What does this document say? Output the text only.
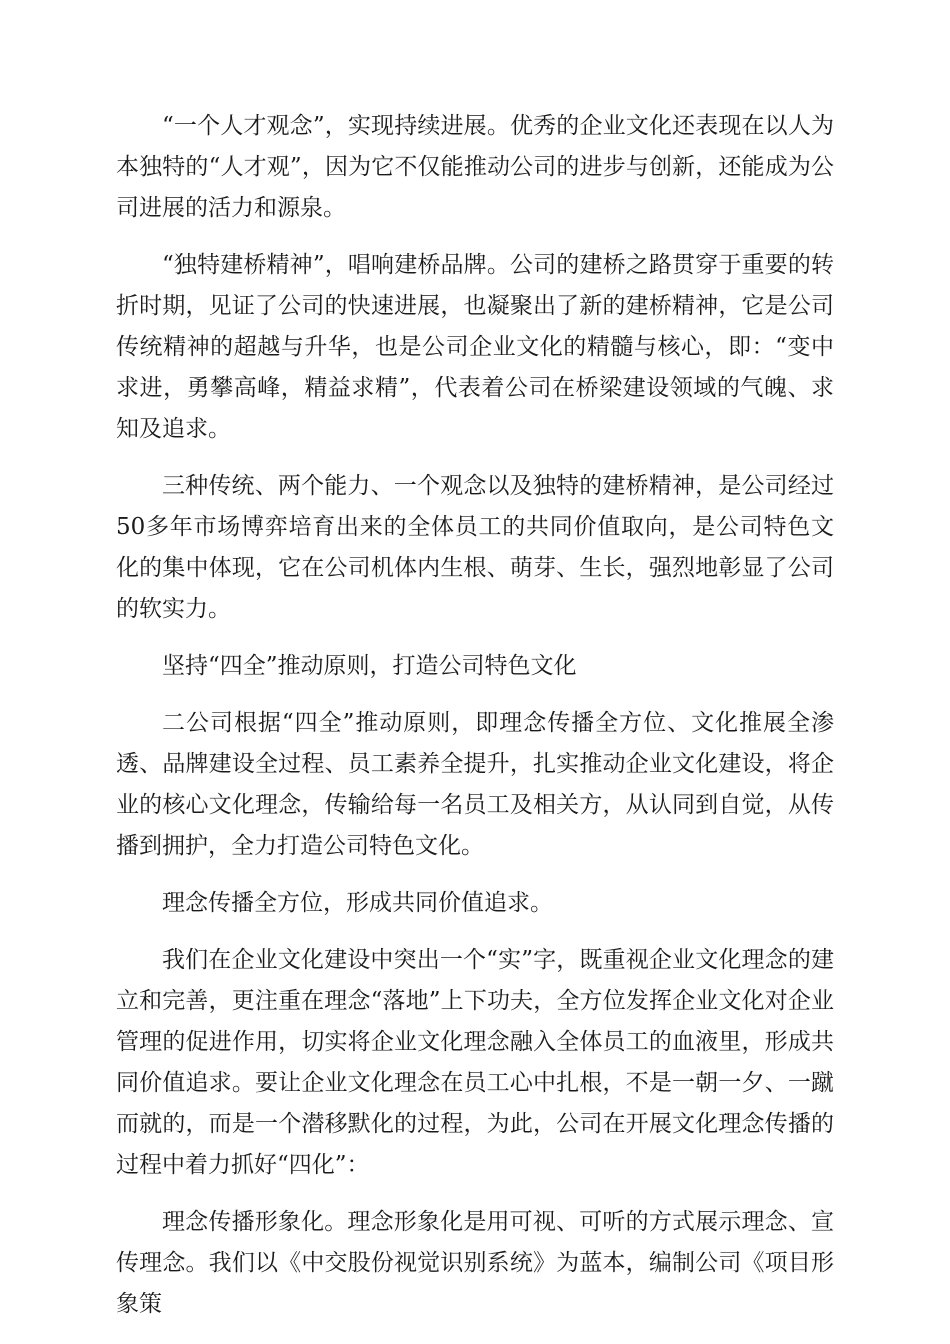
“一个人才观念”，实现持续进展。优秀的企业文化还表现在以人为本独特的“人才观”，因为它不仅能推动公司的进步与创新，还能成为公司进展的活力和源泉。

“独特建桥精神”，唱响建桥品牌。公司的建桥之路贯穿于重要的转折时期，见证了公司的快速进展，也凝聚出了新的建桥精神，它是公司传统精神的超越与升华，也是公司企业文化的精髓与核心，即：“变中求进，勇攀高峰，精益求精”，代表着公司在桥梁建设领域的气魄、求知及追求。

三种传统、两个能力、一个观念以及独特的建桥精神，是公司经过50多年市场博弈培育出来的全体员工的共同价值取向，是公司特色文化的集中体现，它在公司机体内生根、萌芽、生长，强烈地彰显了公司的软实力。

坚持“四全”推动原则，打造公司特色文化

二公司根据“四全”推动原则，即理念传播全方位、文化推展全渗透、品牌建设全过程、员工素养全提升，扎实推动企业文化建设，将企业的核心文化理念，传输给每一名员工及相关方，从认同到自觉，从传播到拥护，全力打造公司特色文化。

理念传播全方位，形成共同价值追求。

我们在企业文化建设中突出一个“实”字，既重视企业文化理念的建立和完善，更注重在理念“落地”上下功夫，全方位发挥企业文化对企业管理的促进作用，切实将企业文化理念融入全体员工的血液里，形成共同价值追求。要让企业文化理念在员工心中扎根，不是一朝一夕、一蹴而就的，而是一个潜移默化的过程，为此，公司在开展文化理念传播的过程中着力抓好“四化”：

理念传播形象化。理念形象化是用可视、可听的方式展示理念、宣传理念。我们以《中交股份视觉识别系统》为蓝本，编制公司《项目形象策
